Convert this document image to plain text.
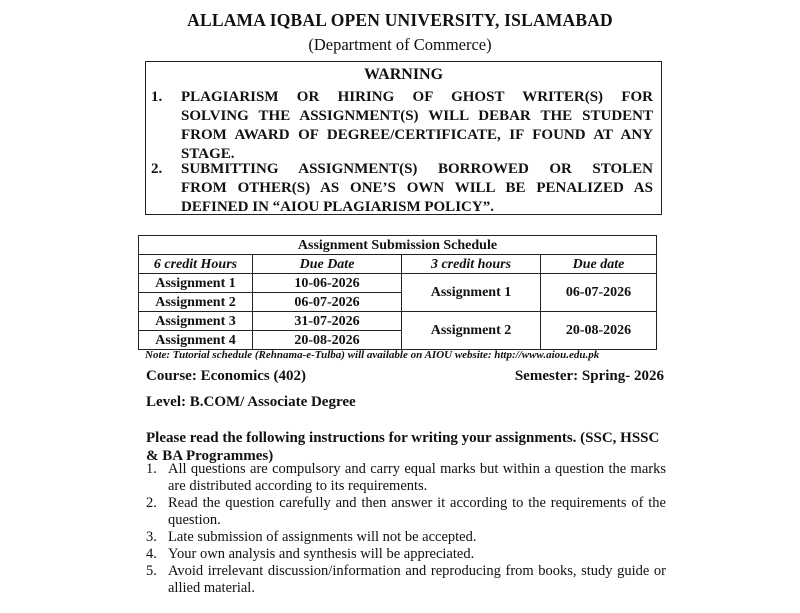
ALLAMA IQBAL OPEN UNIVERSITY, ISLAMABAD
(Department of Commerce)
WARNING
1. PLAGIARISM OR HIRING OF GHOST WRITER(S) FOR
SOLVING THE ASSIGNMENT(S) WILL DEBAR THE STUDENT
FROM AWARD OF DEGREE/CERTIFICATE, IF FOUND AT ANY
STAGE.
2. SUBMITTING ASSIGNMENT(S) BORROWED OR STOLEN
FROM OTHER(S) AS ONE’S OWN WILL BE PENALIZED AS
DEFINED IN “AIOU PLAGIARISM POLICY”.
Assignment Submission Schedule			
6 credit Hours	Due Date	3 credit hours	Due date
Assignment 1	10-06-2026	Assignment 1	06-07-2026
Assignment 2	06-07-2026		
Assignment 3	31-07-2026	Assignment 2	20-08-2026
Assignment 4	20-08-2026		
Note: Tutorial schedule (Rehnama-e-Tulba) will available on AIOU website: http://www.aiou.edu.pk
Course: Economics (402)	Semester: Spring- 2026
Level: B.COM/ Associate Degree
Please read the following instructions for writing your assignments. (SSC, HSSC & BA Programmes)
1. All questions are compulsory and carry equal marks but within a question the marks are distributed according to its requirements.
2. Read the question carefully and then answer it according to the requirements of the question.
3. Late submission of assignments will not be accepted.
4. Your own analysis and synthesis will be appreciated.
5. Avoid irrelevant discussion/information and reproducing from books, study guide or allied material.
